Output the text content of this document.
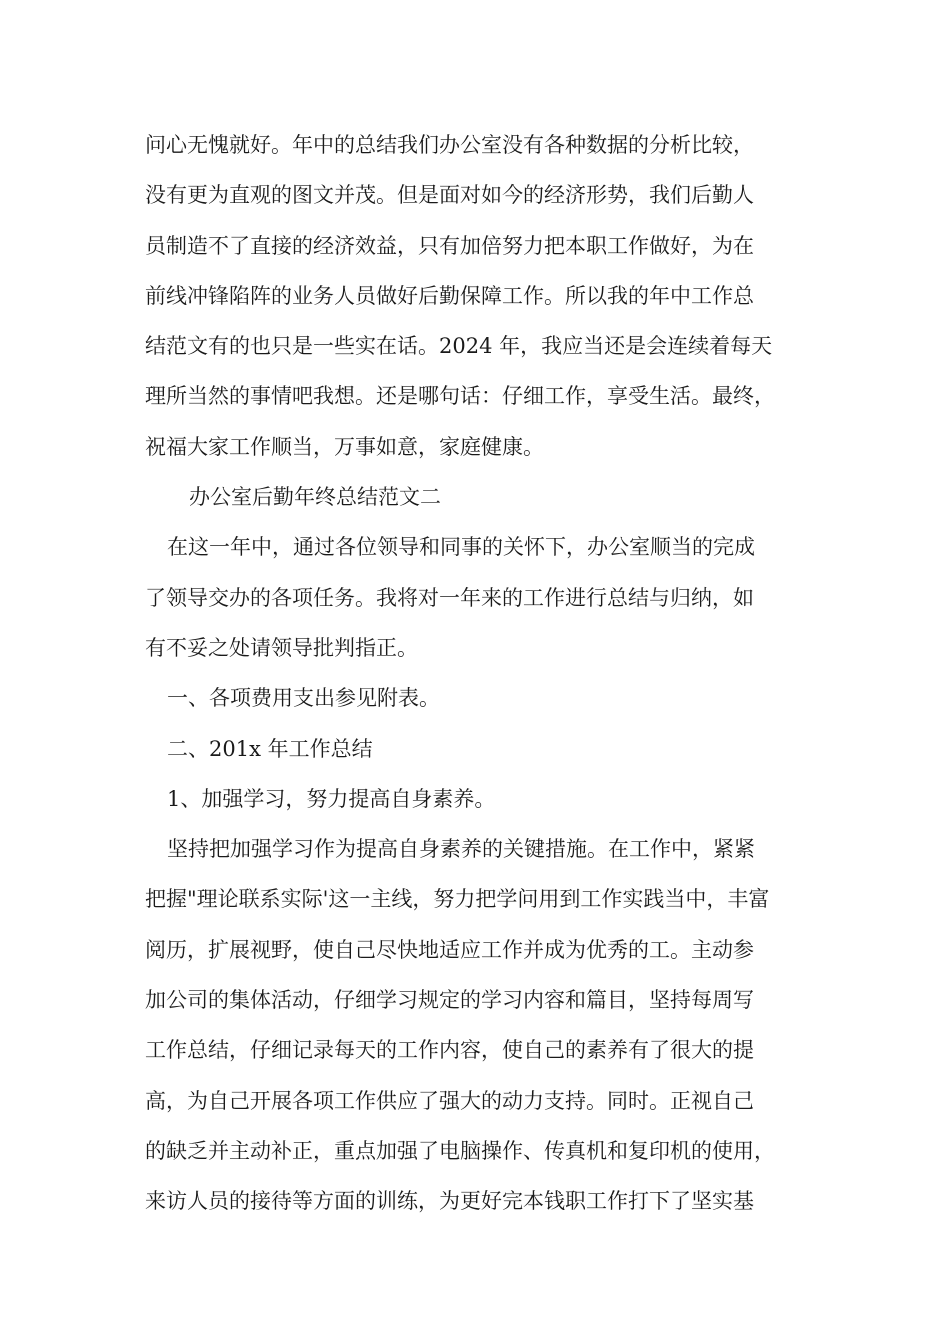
问心无愧就好。年中的总结我们办公室没有各种数据的分析比较，
没有更为直观的图文并茂。但是面对如今的经济形势，我们后勤人
员制造不了直接的经济效益，只有加倍努力把本职工作做好，为在
前线冲锋陷阵的业务人员做好后勤保障工作。所以我的年中工作总
结范文有的也只是一些实在话。2024 年，我应当还是会连续着每天
理所当然的事情吧我想。还是哪句话：仔细工作，享受生活。最终，
祝福大家工作顺当，万事如意，家庭健康。
办公室后勤年终总结范文二
在这一年中，通过各位领导和同事的关怀下，办公室顺当的完成
了领导交办的各项任务。我将对一年来的工作进行总结与归纳，如
有不妥之处请领导批判指正。
一、各项费用支出参见附表。
二、201x 年工作总结
1、加强学习，努力提高自身素养。
坚持把加强学习作为提高自身素养的关键措施。在工作中，紧紧
把握"理论联系实际'这一主线，努力把学问用到工作实践当中，丰富
阅历，扩展视野，使自己尽快地适应工作并成为优秀的工。主动参
加公司的集体活动，仔细学习规定的学习内容和篇目，坚持每周写
工作总结，仔细记录每天的工作内容，使自己的素养有了很大的提
高，为自己开展各项工作供应了强大的动力支持。同时。正视自己
的缺乏并主动补正，重点加强了电脑操作、传真机和复印机的使用，
来访人员的接待等方面的训练，为更好完本钱职工作打下了坚实基
